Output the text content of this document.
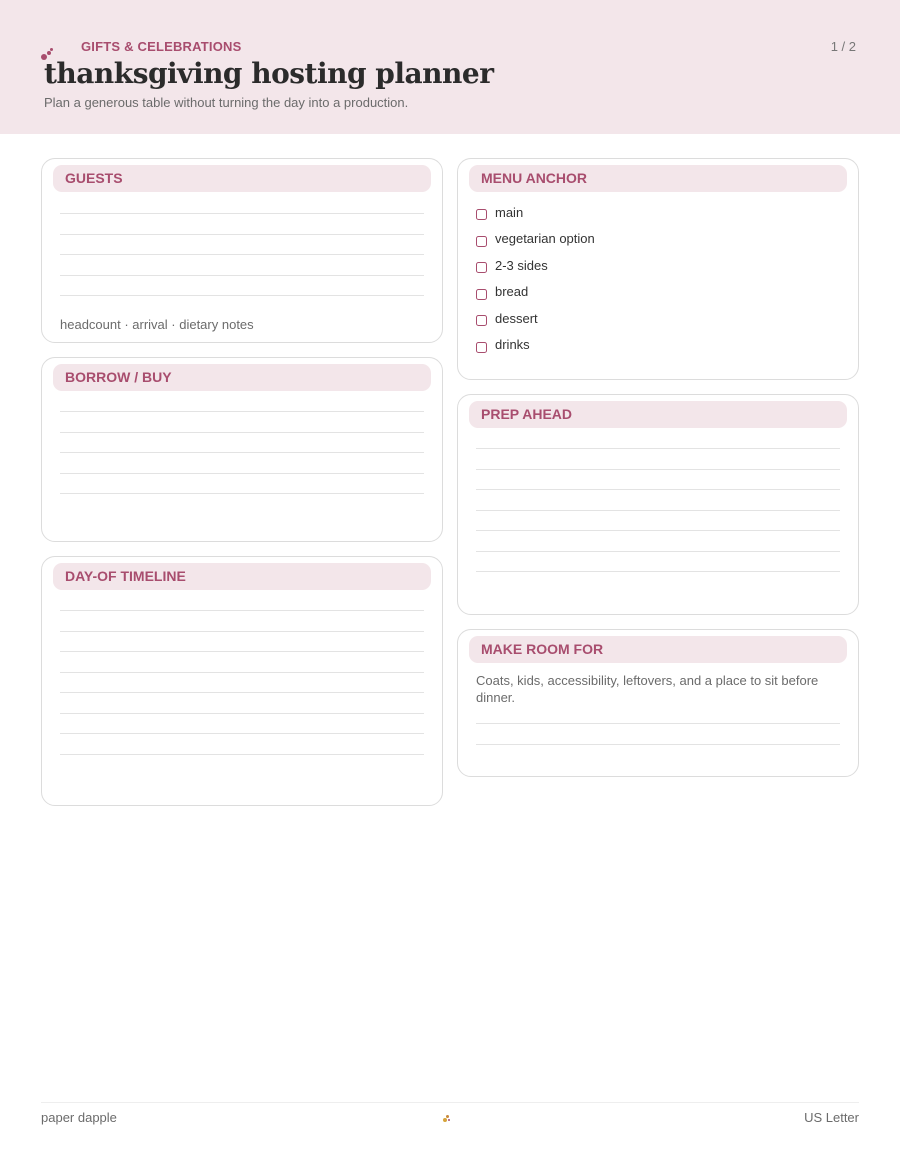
GIFTS & CELEBRATIONS	1 / 2
thanksgiving hosting planner
Plan a generous table without turning the day into a production.
GUESTS
headcount · arrival · dietary notes
BORROW / BUY
DAY-OF TIMELINE
MENU ANCHOR
main
vegetarian option
2-3 sides
bread
dessert
drinks
PREP AHEAD
MAKE ROOM FOR
Coats, kids, accessibility, leftovers, and a place to sit before dinner.
paper dapple	US Letter
